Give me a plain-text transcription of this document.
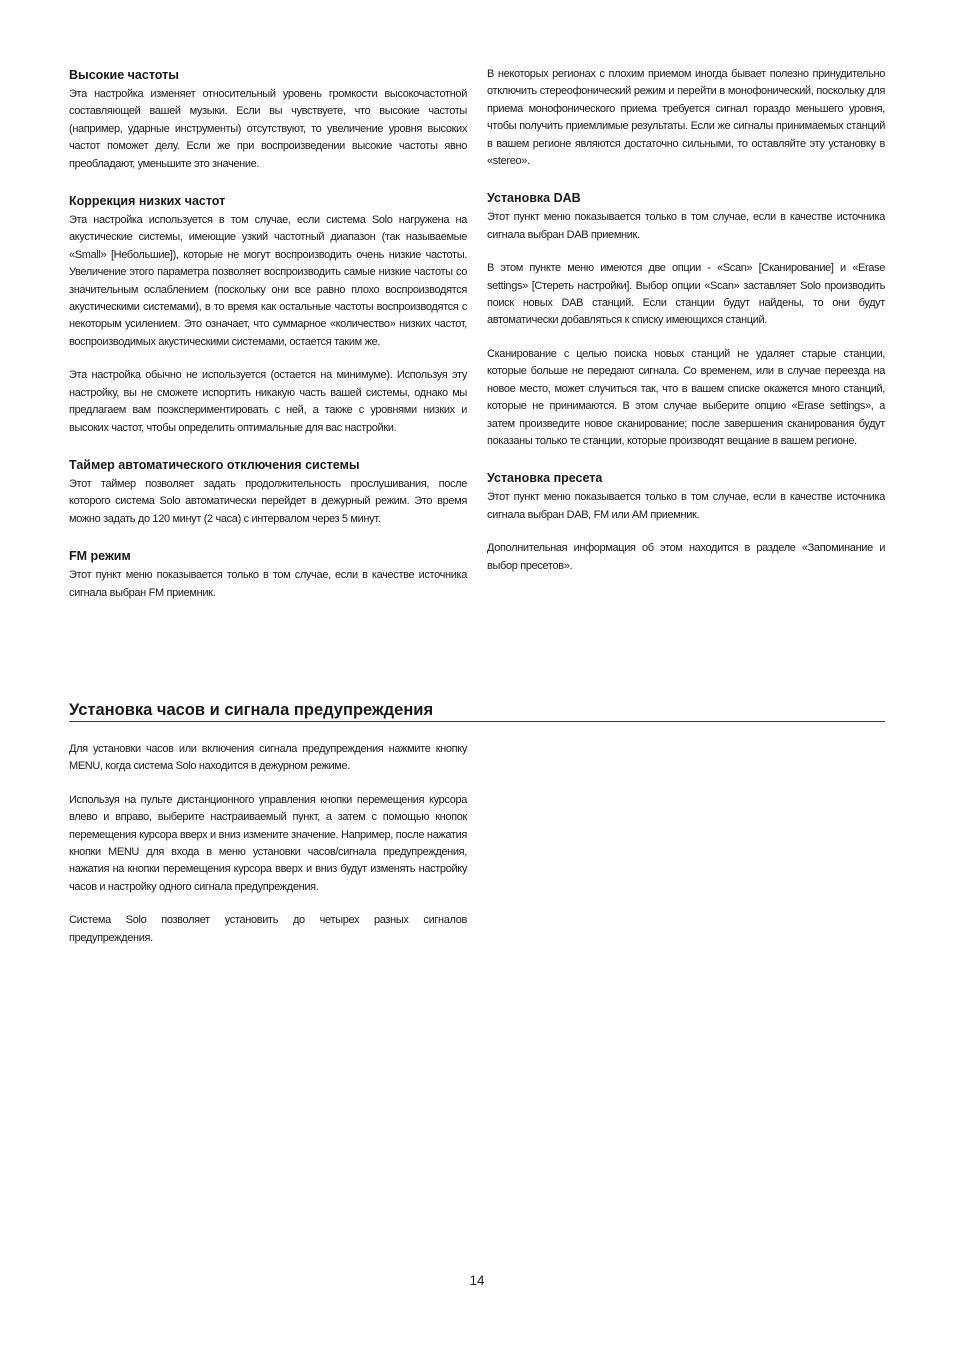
Высокие частоты

Эта настройка изменяет относительный уровень громкости высокочастотной составляющей вашей музыки. Если вы чувствуете, что высокие частоты (например, ударные инструменты) отсутствуют, то увеличение уровня высоких частот поможет делу. Если же при воспроизведении высокие частоты явно преобладают, уменьшите это значение.

Коррекция низких частот

Эта настройка используется в том случае, если система Solo нагружена на акустические системы, имеющие узкий частотный диапазон (так называемые «Small» [Небольшие]), которые не могут воспроизводить очень низкие частоты. Увеличение этого параметра позволяет воспроизводить самые низкие частоты со значительным ослаблением (поскольку они все равно плохо воспроизводятся акустическими системами), в то время как остальные частоты воспроизводятся с некоторым усилением. Это означает, что суммарное «количество» низких частот, воспроизводимых акустическими системами, остается таким же.

Эта настройка обычно не используется (остается на минимуме). Используя эту настройку, вы не сможете испортить никакую часть вашей системы, однако мы предлагаем вам поэкспериментировать с ней, а также с уровнями низких и высоких частот, чтобы определить оптимальные для вас настройки.

Таймер автоматического отключения системы

Этот таймер позволяет задать продолжительность прослушивания, после которого система Solo автоматически перейдет в дежурный режим. Это время можно задать до 120 минут (2 часа) с интервалом через 5 минут.

FM режим

Этот пункт меню показывается только в том случае, если в качестве источника сигнала выбран FM приемник.

В некоторых регионах с плохим приемом иногда бывает полезно принудительно отключить стереофонический режим и перейти в монофонический, поскольку для приема монофонического приема требуется сигнал гораздо меньшего уровня, чтобы получить приемлимые результаты. Если же сигналы принимаемых станций в вашем регионе являются достаточно сильными, то оставляйте эту установку в «stereo».

Установка DAB

Этот пункт меню показывается только в том случае, если в качестве источника сигнала выбран DAB приемник.

В этом пункте меню имеются две опции - «Scan» [Сканирование] и «Erase settings» [Стереть настройки]. Выбор опции «Scan» заставляет Solo производить поиск новых DAB станций. Если станции будут найдены, то они будут автоматически добавляться к списку имеющихся станций.

Сканирование с целью поиска новых станций не удаляет старые станции, которые больше не передают сигнала. Со временем, или в случае переезда на новое место, может случиться так, что в вашем списке окажется много станций, которые не принимаются. В этом случае выберите опцию «Erase settings», а затем произведите новое сканирование; после завершения сканирования будут показаны только те станции, которые производят вещание в вашем регионе.

Установка пресета

Этот пункт меню показывается только в том случае, если в качестве источника сигнала выбран DAB, FM или AM приемник.

Дополнительная информация об этом находится в разделе «Запоминание и выбор пресетов».

Установка часов и сигнала предупреждения

Для установки часов или включения сигнала предупреждения нажмите кнопку MENU, когда система Solo находится в дежурном режиме.

Используя на пульте дистанционного управления кнопки перемещения курсора влево и вправо, выберите настраиваемый пункт, а затем с помощью кнопок перемещения курсора вверх и вниз измените значение. Например, после нажатия кнопки MENU для входа в меню установки часов/сигнала предупреждения, нажатия на кнопки перемещения курсора вверх и вниз будут изменять настройку часов и настройку одного сигнала предупреждения.

Система Solo позволяет установить до четырех разных сигналов предупреждения.

14
